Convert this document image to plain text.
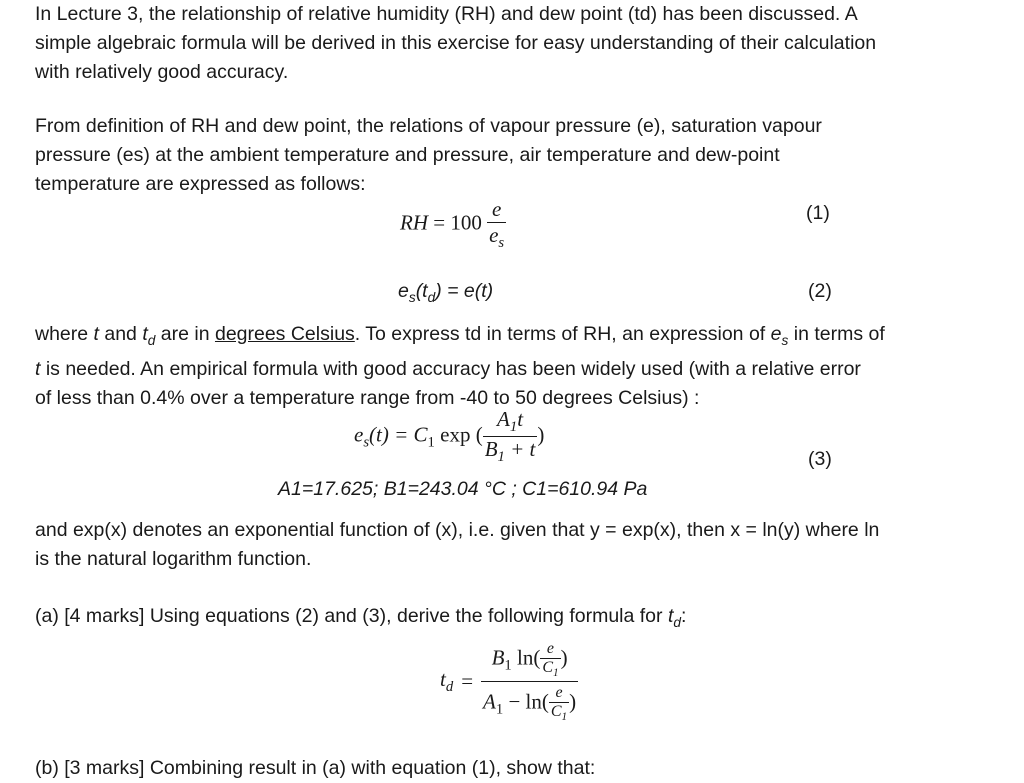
In Lecture 3, the relationship of relative humidity (RH) and dew point (td) has been discussed. A
simple algebraic formula will be derived in this exercise for easy understanding of their calculation
with relatively good accuracy.

From definition of RH and dew point, the relations of vapour pressure (e), saturation vapour
pressure (es) at the ambient temperature and pressure, air temperature and dew-point
temperature are expressed as follows:

RH = $100 \frac{e}{e_s}$	(1)
$e_s(t_d) = e(t)$	(2)

where t and $t_d$ are in degrees Celsius. To express td in terms of RH, an expression of $e_s$ in terms of
t is needed. An empirical formula with good accuracy has been widely used (with a relative error
of less than 0.4% over a temperature range from -40 to 50 degrees Celsius) :

$e_s(t) = C_1$ exp ( $\frac{A_1t}{B_1 + t}$ )
(3)
A1=17.625; B1=243.04 °C ; C1=610.94 Pa

and exp(x) denotes an exponential function of (x), i.e. given that y = exp(x), then x = ln(y) where ln
is the natural logarithm function.

(a) [4 marks] Using equations (2) and (3), derive the following formula for $t_d$:

$t_d = \frac{B_1 \ln( \frac{e}{C_1} )}{A_1 - \ln( \frac{e}{C_1} )}$

(b) [3 marks] Combining result in (a) with equation (1), show that:
